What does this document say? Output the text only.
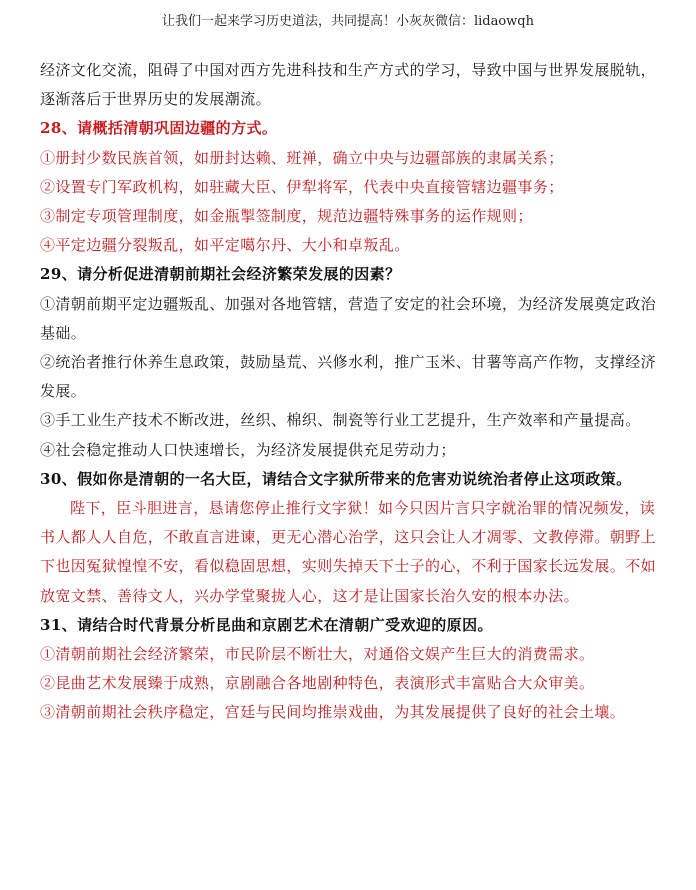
让我们一起来学习历史道法，共同提高！小灰灰微信：lidaowqh

经济文化交流，阻碍了中国对西方先进科技和生产方式的学习，导致中国与世界发展脱轨，逐渐落后于世界历史的发展潮流。

28、请概括清朝巩固边疆的方式。

①册封少数民族首领，如册封达赖、班禅，确立中央与边疆部族的隶属关系；

②设置专门军政机构，如驻藏大臣、伊犁将军，代表中央直接管辖边疆事务；

③制定专项管理制度，如金瓶掣签制度，规范边疆特殊事务的运作规则；

④平定边疆分裂叛乱，如平定噶尔丹、大小和卓叛乱。

29、请分析促进清朝前期社会经济繁荣发展的因素？

①清朝前期平定边疆叛乱、加强对各地管辖，营造了安定的社会环境，为经济发展奠定政治基础。

②统治者推行休养生息政策，鼓励垦荒、兴修水利，推广玉米、甘薯等高产作物，支撑经济发展。

③手工业生产技术不断改进，丝织、棉织、制瓷等行业工艺提升，生产效率和产量提高。

④社会稳定推动人口快速增长，为经济发展提供充足劳动力；

30、假如你是清朝的一名大臣，请结合文字狱所带来的危害劝说统治者停止这项政策。

陛下，臣斗胆进言，恳请您停止推行文字狱！如今只因片言只字就治罪的情况频发，读书人都人人自危，不敢直言进谏，更无心潜心治学，这只会让人才凋零、文教停滞。朝野上下也因冤狱惶惶不安，看似稳固思想，实则失掉天下士子的心，不利于国家长远发展。不如放宽文禁、善待文人，兴办学堂聚拢人心，这才是让国家长治久安的根本办法。

31、请结合时代背景分析昆曲和京剧艺术在清朝广受欢迎的原因。

①清朝前期社会经济繁荣，市民阶层不断壮大，对通俗文娱产生巨大的消费需求。

②昆曲艺术发展臻于成熟，京剧融合各地剧种特色，表演形式丰富贴合大众审美。

③清朝前期社会秩序稳定，宫廷与民间均推崇戏曲，为其发展提供了良好的社会土壤。
